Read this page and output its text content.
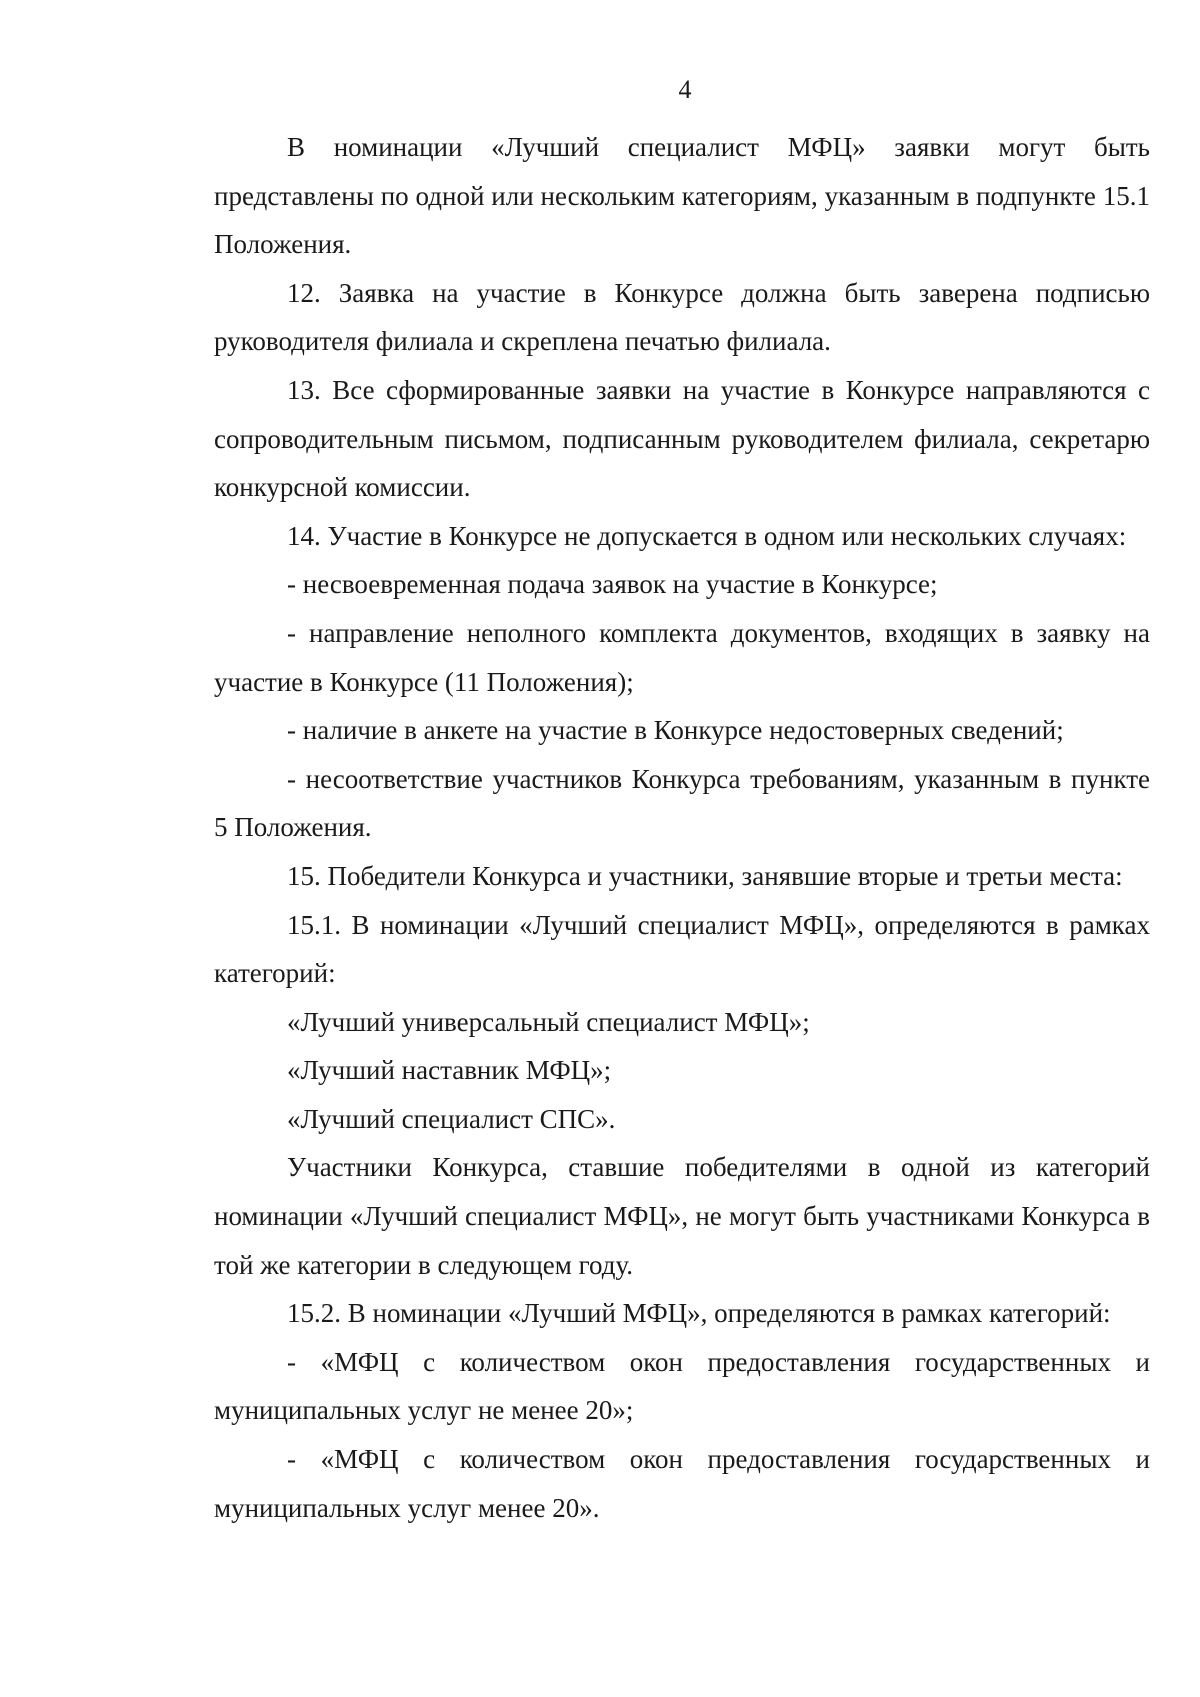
4

В номинации «Лучший специалист МФЦ» заявки могут быть представлены по одной или нескольким категориям, указанным в подпункте 15.1 Положения.

12. Заявка на участие в Конкурсе должна быть заверена подписью руководителя филиала и скреплена печатью филиала.

13. Все сформированные заявки на участие в Конкурсе направляются с сопроводительным письмом, подписанным руководителем филиала, секретарю конкурсной комиссии.

14. Участие в Конкурсе не допускается в одном или нескольких случаях:

- несвоевременная подача заявок на участие в Конкурсе;

- направление неполного комплекта документов, входящих в заявку на участие в Конкурсе (11 Положения);

- наличие в анкете на участие в Конкурсе недостоверных сведений;

- несоответствие участников Конкурса требованиям, указанным в пункте 5 Положения.

15. Победители Конкурса и участники, занявшие вторые и третьи места:

15.1. В номинации «Лучший специалист МФЦ», определяются в рамках категорий:

«Лучший универсальный специалист МФЦ»;

«Лучший наставник МФЦ»;

«Лучший специалист СПС».

Участники Конкурса, ставшие победителями в одной из категорий номинации «Лучший специалист МФЦ», не могут быть участниками Конкурса в той же категории в следующем году.

15.2. В номинации «Лучший МФЦ», определяются в рамках категорий:

- «МФЦ с количеством окон предоставления государственных и муниципальных услуг не менее 20»;

- «МФЦ с количеством окон предоставления государственных и муниципальных услуг менее 20».
